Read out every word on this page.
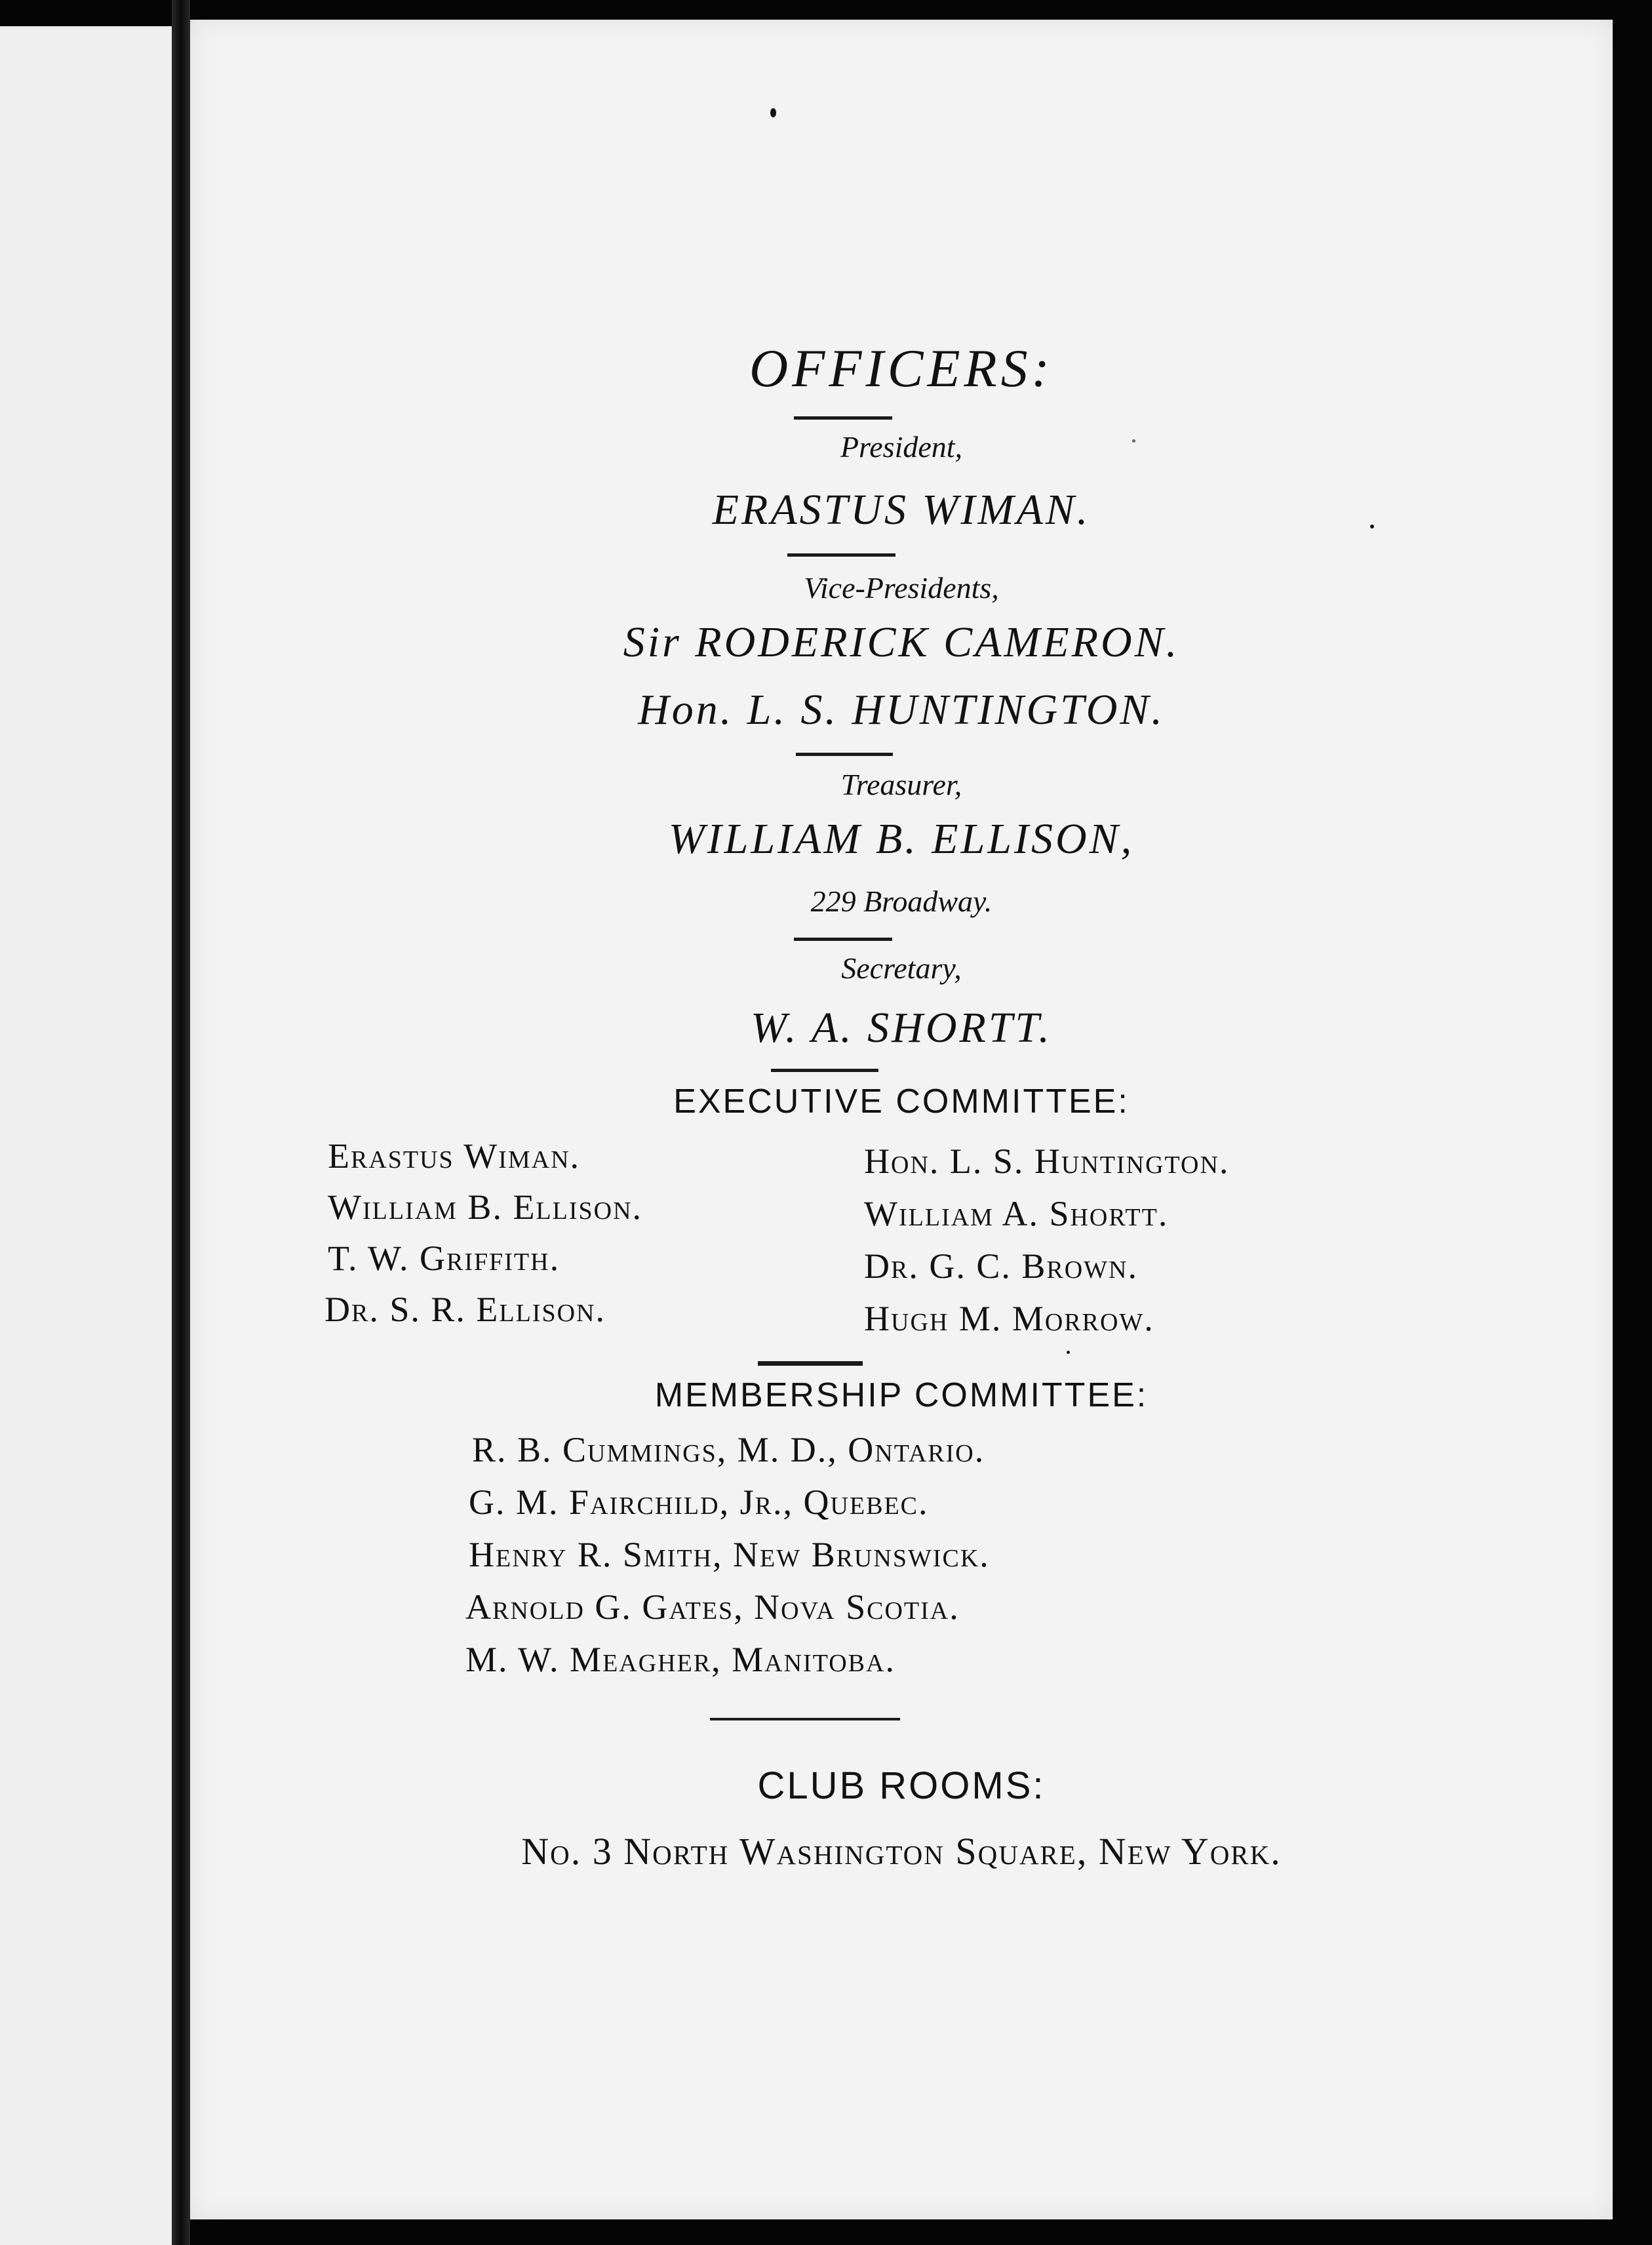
OFFICERS:
President,
ERASTUS WIMAN.
Vice-Presidents,
Sir RODERICK CAMERON.
Hon. L. S. HUNTINGTON.
Treasurer,
WILLIAM B. ELLISON,
229 Broadway.
Secretary,
W. A. SHORTT.
EXECUTIVE COMMITTEE:
Erastus Wiman.
William B. Ellison.
T. W. Griffith.
Dr. S. R. Ellison.
Hon. L. S. Huntington.
William A. Shortt.
Dr. G. C. Brown.
Hugh M. Morrow.
MEMBERSHIP COMMITTEE:
R. B. Cummings, M. D., Ontario.
G. M. Fairchild, Jr., Quebec.
Henry R. Smith, New Brunswick.
Arnold G. Gates, Nova Scotia.
M. W. Meagher, Manitoba.
CLUB ROOMS:
No. 3 North Washington Square, New York.
